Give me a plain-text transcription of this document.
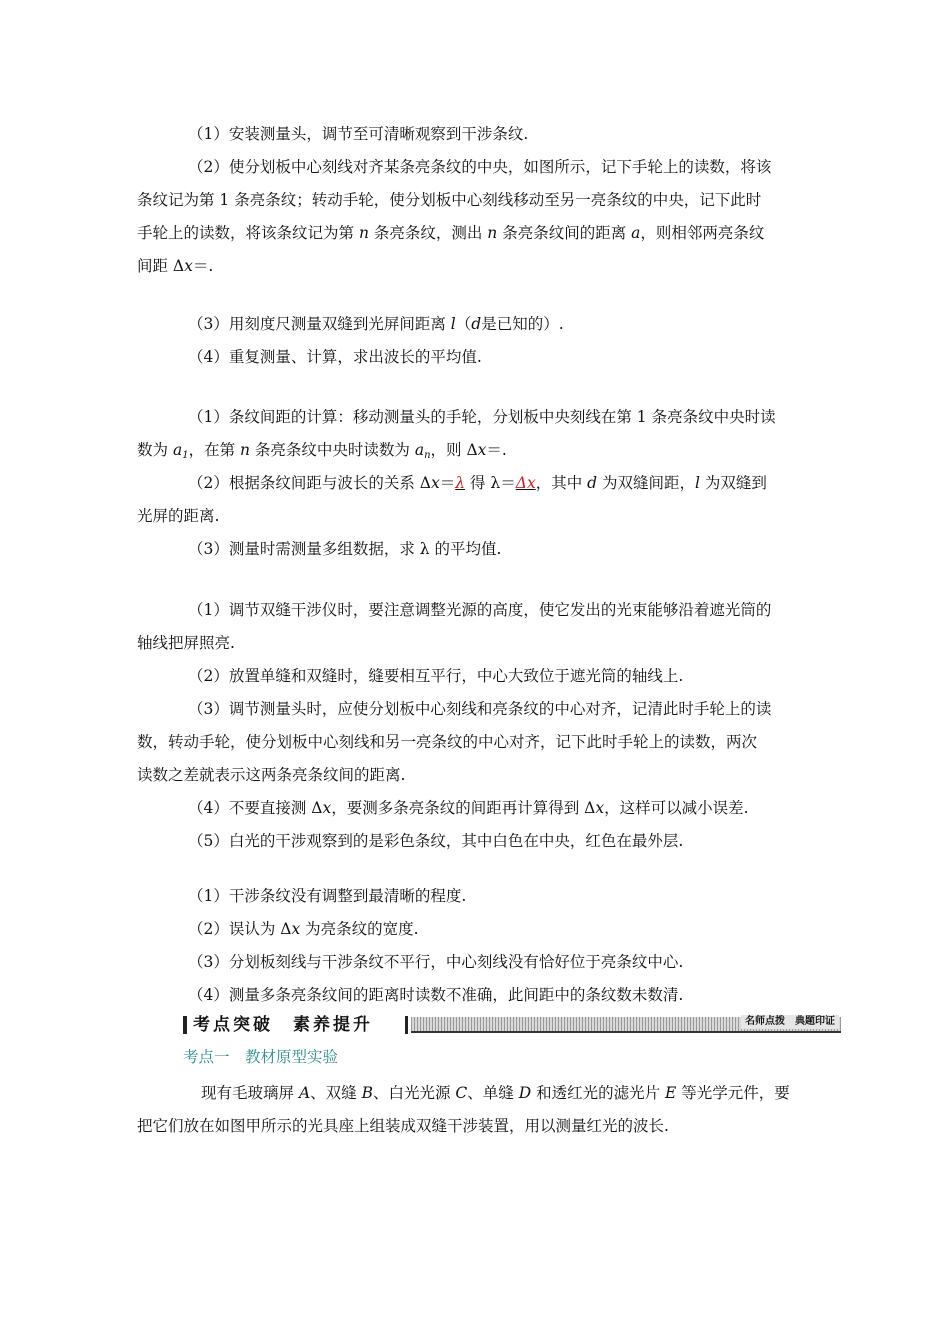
（1）安装测量头，调节至可清晰观察到干涉条纹.

（2）使分划板中心刻线对齐某条亮条纹的中央，如图所示，记下手轮上的读数，将该

条纹记为第 1 条亮条纹；转动手轮，使分划板中心刻线移动至另一亮条纹的中央，记下此时

手轮上的读数，将该条纹记为第 n 条亮条纹，测出 n 条亮条纹间的距离 a，则相邻两亮条纹

间距 Δx＝.

（3）用刻度尺测量双缝到光屏间距离 l（d是已知的）.

（4）重复测量、计算，求出波长的平均值.

（1）条纹间距的计算：移动测量头的手轮，分划板中央刻线在第 1 条亮条纹中央时读

数为 $a_1$，在第 n 条亮条纹中央时读数为 $a_n$，则 Δx＝.

（2）根据条纹间距与波长的关系 Δx＝λ 得 λ＝Δx，其中 d 为双缝间距，l 为双缝到

光屏的距离.

（3）测量时需测量多组数据，求 λ 的平均值.

（1）调节双缝干涉仪时，要注意调整光源的高度，使它发出的光束能够沿着遮光筒的

轴线把屏照亮.

（2）放置单缝和双缝时，缝要相互平行，中心大致位于遮光筒的轴线上.

（3）调节测量头时，应使分划板中心刻线和亮条纹的中心对齐，记清此时手轮上的读

数，转动手轮，使分划板中心刻线和另一亮条纹的中心对齐，记下此时手轮上的读数，两次

读数之差就表示这两条亮条纹间的距离.

（4）不要直接测 Δx，要测多条亮条纹的间距再计算得到 Δx，这样可以减小误差.

（5）白光的干涉观察到的是彩色条纹，其中白色在中央，红色在最外层.

（1）干涉条纹没有调整到最清晰的程度.

（2）误认为 Δx 为亮条纹的宽度.

（3）分划板刻线与干涉条纹不平行，中心刻线没有恰好位于亮条纹中心.

（4）测量多条亮条纹间的距离时读数不准确，此间距中的条纹数未数清.

考点突破　素养提升	名师点拨　典题印证
考点一　教材原型实验

现有毛玻璃屏 A、双缝 B、白光光源 C、单缝 D 和透红光的滤光片 E 等光学元件，要

把它们放在如图甲所示的光具座上组装成双缝干涉装置，用以测量红光的波长.
